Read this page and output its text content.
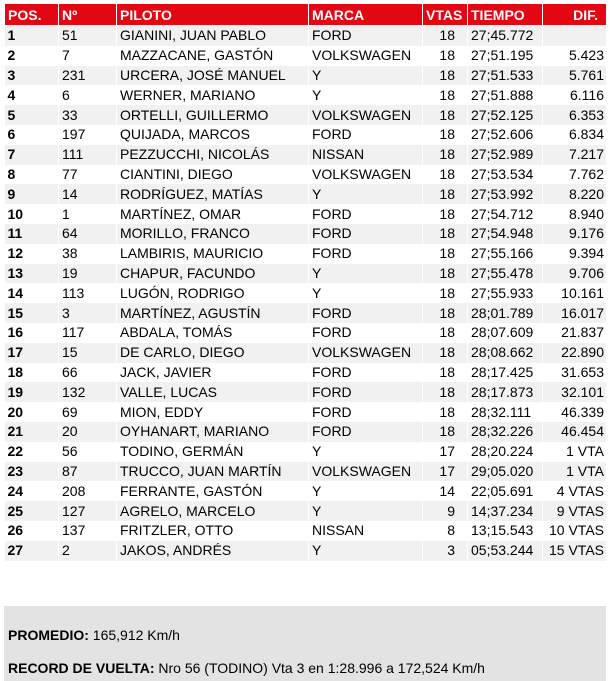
POS.	Nº	PILOTO	MARCA	VTAS	TIEMPO	DIF.
1	51	GIANINI, JUAN PABLO	FORD	18	27;45.772	
2	7	MAZZACANE, GASTÓN	VOLKSWAGEN	18	27;51.195	5.423
3	231	URCERA, JOSÉ MANUEL	Y	18	27;51.533	5.761
4	6	WERNER, MARIANO	Y	18	27;51.888	6.116
5	33	ORTELLI, GUILLERMO	VOLKSWAGEN	18	27;52.125	6.353
6	197	QUIJADA, MARCOS	FORD	18	27;52.606	6.834
7	111	PEZZUCCHI, NICOLÁS	NISSAN	18	27;52.989	7.217
8	77	CIANTINI, DIEGO	VOLKSWAGEN	18	27;53.534	7.762
9	14	RODRÍGUEZ, MATÍAS	Y	18	27;53.992	8.220
10	1	MARTÍNEZ, OMAR	FORD	18	27;54.712	8.940
11	64	MORILLO, FRANCO	FORD	18	27;54.948	9.176
12	38	LAMBIRIS, MAURICIO	FORD	18	27;55.166	9.394
13	19	CHAPUR, FACUNDO	Y	18	27;55.478	9.706
14	113	LUGÓN, RODRIGO	Y	18	27;55.933	10.161
15	3	MARTÍNEZ, AGUSTÍN	FORD	18	28;01.789	16.017
16	117	ABDALA, TOMÁS	FORD	18	28;07.609	21.837
17	15	DE CARLO, DIEGO	VOLKSWAGEN	18	28;08.662	22.890
18	66	JACK, JAVIER	FORD	18	28;17.425	31.653
19	132	VALLE, LUCAS	FORD	18	28;17.873	32.101
20	69	MION, EDDY	FORD	18	28;32.111	46.339
21	20	OYHANART, MARIANO	FORD	18	28;32.226	46.454
22	56	TODINO, GERMÁN	Y	17	28;20.224	1 VTA
23	87	TRUCCO, JUAN MARTÍN	VOLKSWAGEN	17	29;05.020	1 VTA
24	208	FERRANTE, GASTÓN	Y	14	22;05.691	4 VTAS
25	127	AGRELO, MARCELO	Y	9	14;37.234	9 VTAS
26	137	FRITZLER, OTTO	NISSAN	8	13;15.543	10 VTAS
27	2	JAKOS, ANDRÉS	Y	3	05;53.244	15 VTAS
PROMEDIO: 165,912 Km/h
RECORD DE VUELTA: Nro 56 (TODINO) Vta 3 en 1:28.996 a 172,524 Km/h
